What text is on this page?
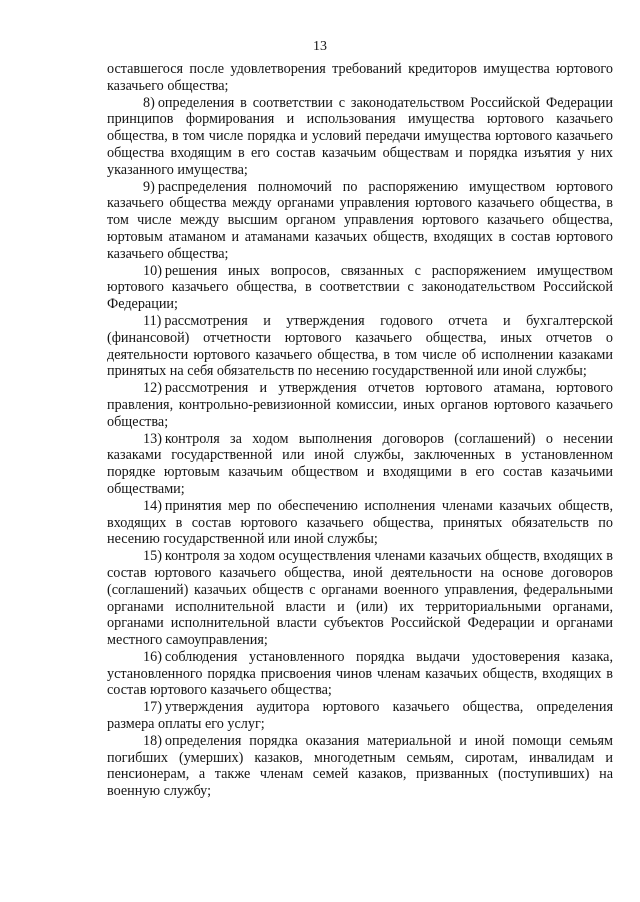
13

оставшегося после удовлетворения требований кредиторов имущества юртового казачьего общества;

8) определения в соответствии с законодательством Российской Федерации принципов формирования и использования имущества юртового казачьего общества, в том числе порядка и условий передачи имущества юртового казачьего общества входящим в его состав казачьим обществам и порядка изъятия у них указанного имущества;

9) распределения полномочий по распоряжению имуществом юртового казачьего общества между органами управления юртового казачьего общества, в том числе между высшим органом управления юртового казачьего общества, юртовым атаманом и атаманами казачьих обществ, входящих в состав юртового казачьего общества;

10) решения иных вопросов, связанных с распоряжением имуществом юртового казачьего общества, в соответствии с законодательством Российской Федерации;

11) рассмотрения и утверждения годового отчета и бухгалтерской (финансовой) отчетности юртового казачьего общества, иных отчетов о деятельности юртового казачьего общества, в том числе об исполнении казаками принятых на себя обязательств по несению государственной или иной службы;

12) рассмотрения и утверждения отчетов юртового атамана, юртового правления, контрольно-ревизионной комиссии, иных органов юртового казачьего общества;

13) контроля за ходом выполнения договоров (соглашений) о несении казаками государственной или иной службы, заключенных в установленном порядке юртовым казачьим обществом и входящими в его состав казачьими обществами;

14) принятия мер по обеспечению исполнения членами казачьих обществ, входящих в состав юртового казачьего общества, принятых обязательств по несению государственной или иной службы;

15) контроля за ходом осуществления членами казачьих обществ, входящих в состав юртового казачьего общества, иной деятельности на основе договоров (соглашений) казачьих обществ с органами военного управления, федеральными органами исполнительной власти и (или) их территориальными органами, органами исполнительной власти субъектов Российской Федерации и органами местного самоуправления;

16) соблюдения установленного порядка выдачи удостоверения казака, установленного порядка присвоения чинов членам казачьих обществ, входящих в состав юртового казачьего общества;

17) утверждения аудитора юртового казачьего общества, определения размера оплаты его услуг;

18) определения порядка оказания материальной и иной помощи семьям погибших (умерших) казаков, многодетным семьям, сиротам, инвалидам и пенсионерам, а также членам семей казаков, призванных (поступивших) на военную службу;
